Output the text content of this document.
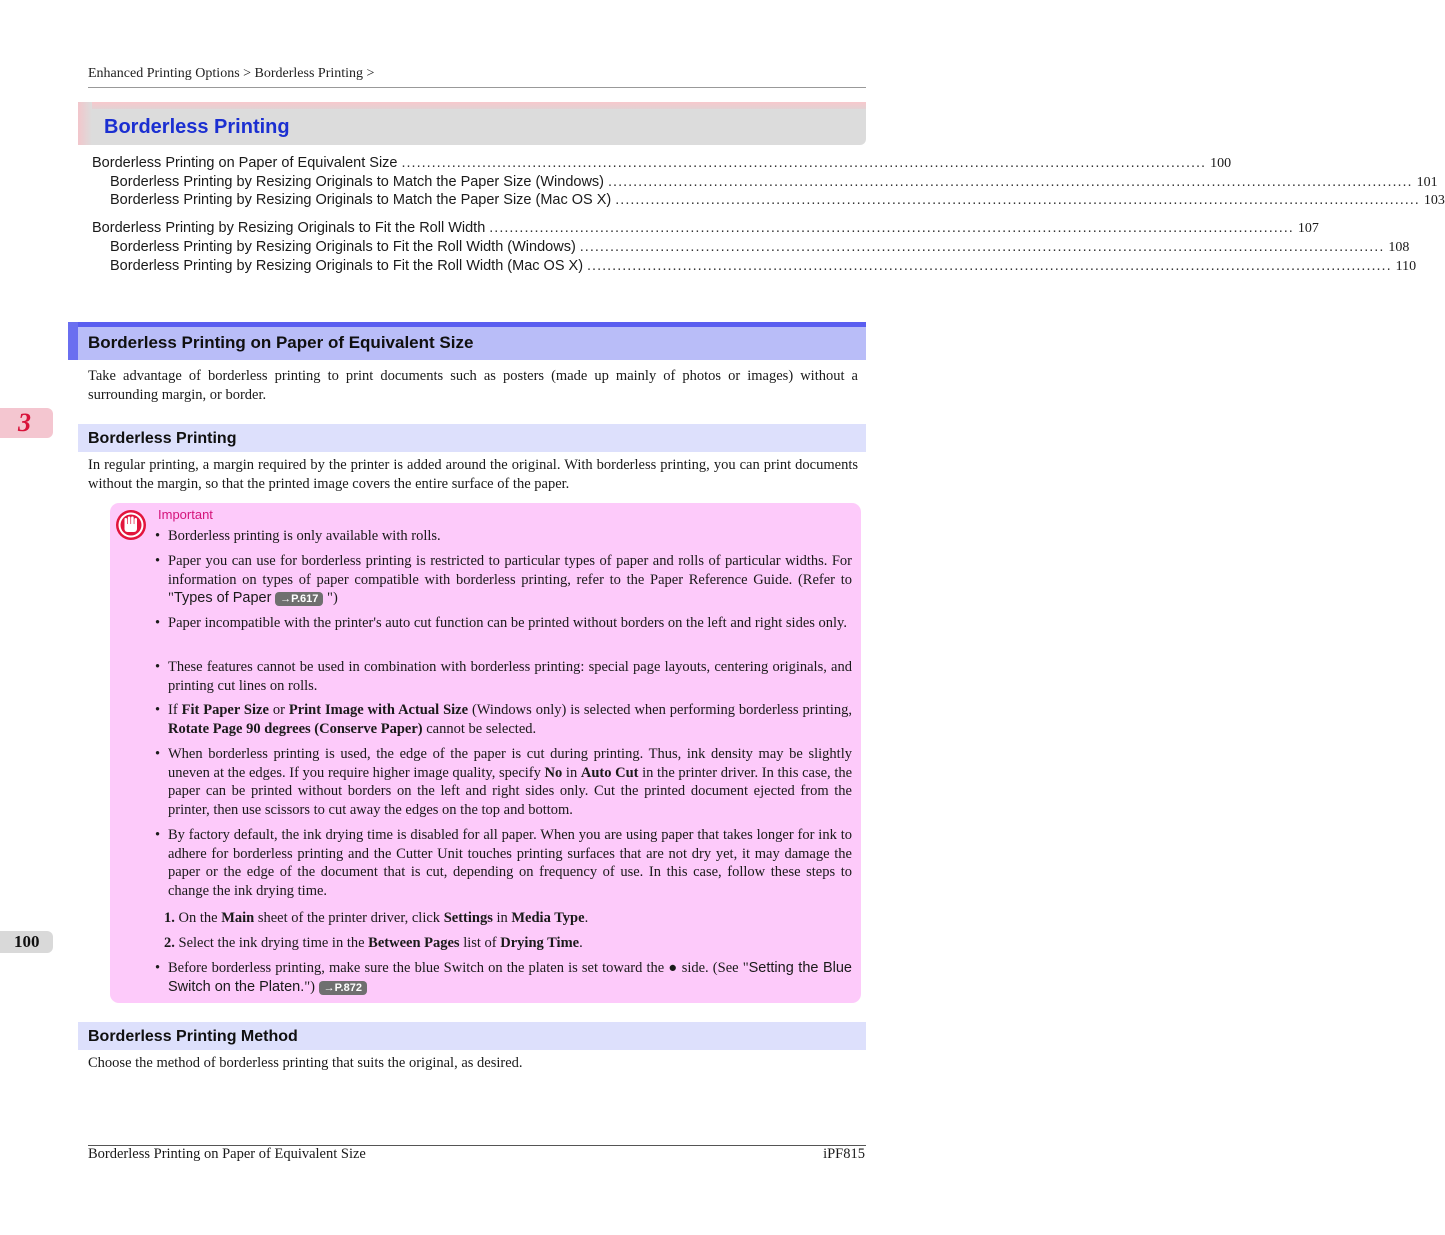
Enhanced Printing Options > Borderless Printing >
Borderless Printing
Borderless Printing on Paper of Equivalent Size ................................................................................................................................................................ 100
Borderless Printing by Resizing Originals to Match the Paper Size (Windows) ................................................................................................................................................................ 101
Borderless Printing by Resizing Originals to Match the Paper Size (Mac OS X) ................................................................................................................................................................ 103
Borderless Printing by Resizing Originals to Fit the Roll Width ................................................................................................................................................................ 107
Borderless Printing by Resizing Originals to Fit the Roll Width (Windows) ................................................................................................................................................................ 108
Borderless Printing by Resizing Originals to Fit the Roll Width (Mac OS X) ................................................................................................................................................................ 110
Borderless Printing on Paper of Equivalent Size
Take advantage of borderless printing to print documents such as posters (made up mainly of photos or images) without a surrounding margin, or border.
3
Borderless Printing
In regular printing, a margin required by the printer is added around the original. With borderless printing, you can print documents without the margin, so that the printed image covers the entire surface of the paper.
Important
• Borderless printing is only available with rolls.
• Paper you can use for borderless printing is restricted to particular types of paper and rolls of particular widths. For information on types of paper compatible with borderless printing, refer to the Paper Reference Guide. (Refer to "Types of Paper →P.617 ")
• Paper incompatible with the printer's auto cut function can be printed without borders on the left and right sides only.
• These features cannot be used in combination with borderless printing: special page layouts, centering originals, and printing cut lines on rolls.
• If Fit Paper Size or Print Image with Actual Size (Windows only) is selected when performing borderless printing, Rotate Page 90 degrees (Conserve Paper) cannot be selected.
• When borderless printing is used, the edge of the paper is cut during printing. Thus, ink density may be slightly uneven at the edges. If you require higher image quality, specify No in Auto Cut in the printer driver. In this case, the paper can be printed without borders on the left and right sides only. Cut the printed document ejected from the printer, then use scissors to cut away the edges on the top and bottom.
• By factory default, the ink drying time is disabled for all paper. When you are using paper that takes longer for ink to adhere for borderless printing and the Cutter Unit touches printing surfaces that are not dry yet, it may damage the paper or the edge of the document that is cut, depending on frequency of use. In this case, follow these steps to change the ink drying time.
1. On the Main sheet of the printer driver, click Settings in Media Type.
2. Select the ink drying time in the Between Pages list of Drying Time.
• Before borderless printing, make sure the blue Switch on the platen is set toward the ● side. (See "Setting the Blue Switch on the Platen.") →P.872
100
Borderless Printing Method
Choose the method of borderless printing that suits the original, as desired.
Borderless Printing on Paper of Equivalent Size	iPF815
